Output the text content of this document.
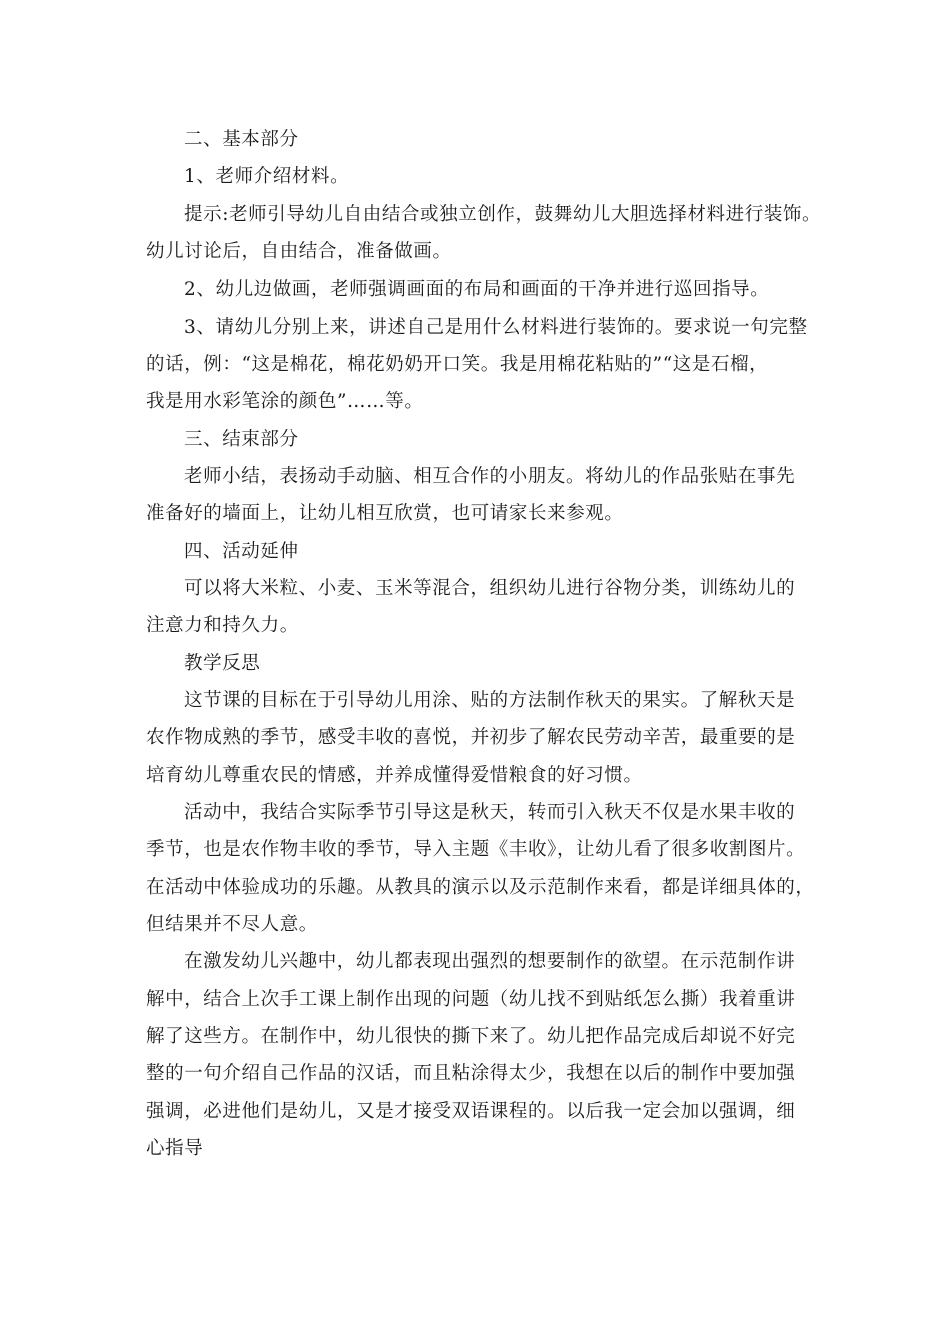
二、基本部分
1、老师介绍材料。
提示:老师引导幼儿自由结合或独立创作，鼓舞幼儿大胆选择材料进行装饰。
幼儿讨论后，自由结合，准备做画。
2、幼儿边做画，老师强调画面的布局和画面的干净并进行巡回指导。
3、请幼儿分别上来，讲述自己是用什么材料进行装饰的。要求说一句完整
的话，例：“这是棉花，棉花奶奶开口笑。我是用棉花粘贴的”“这是石榴，
我是用水彩笔涂的颜色”……等。
三、结束部分
老师小结，表扬动手动脑、相互合作的小朋友。将幼儿的作品张贴在事先
准备好的墙面上，让幼儿相互欣赏，也可请家长来参观。
四、活动延伸
可以将大米粒、小麦、玉米等混合，组织幼儿进行谷物分类，训练幼儿的
注意力和持久力。
教学反思
这节课的目标在于引导幼儿用涂、贴的方法制作秋天的果实。了解秋天是
农作物成熟的季节，感受丰收的喜悦，并初步了解农民劳动辛苦，最重要的是
培育幼儿尊重农民的情感，并养成懂得爱惜粮食的好习惯。
活动中，我结合实际季节引导这是秋天，转而引入秋天不仅是水果丰收的
季节，也是农作物丰收的季节，导入主题《丰收》，让幼儿看了很多收割图片。
在活动中体验成功的乐趣。从教具的演示以及示范制作来看，都是详细具体的，
但结果并不尽人意。
在激发幼儿兴趣中，幼儿都表现出强烈的想要制作的欲望。在示范制作讲
解中，结合上次手工课上制作出现的问题（幼儿找不到贴纸怎么撕）我着重讲
解了这些方。在制作中，幼儿很快的撕下来了。幼儿把作品完成后却说不好完
整的一句介绍自己作品的汉话，而且粘涂得太少，我想在以后的制作中要加强
强调，必进他们是幼儿，又是才接受双语课程的。以后我一定会加以强调，细
心指导
